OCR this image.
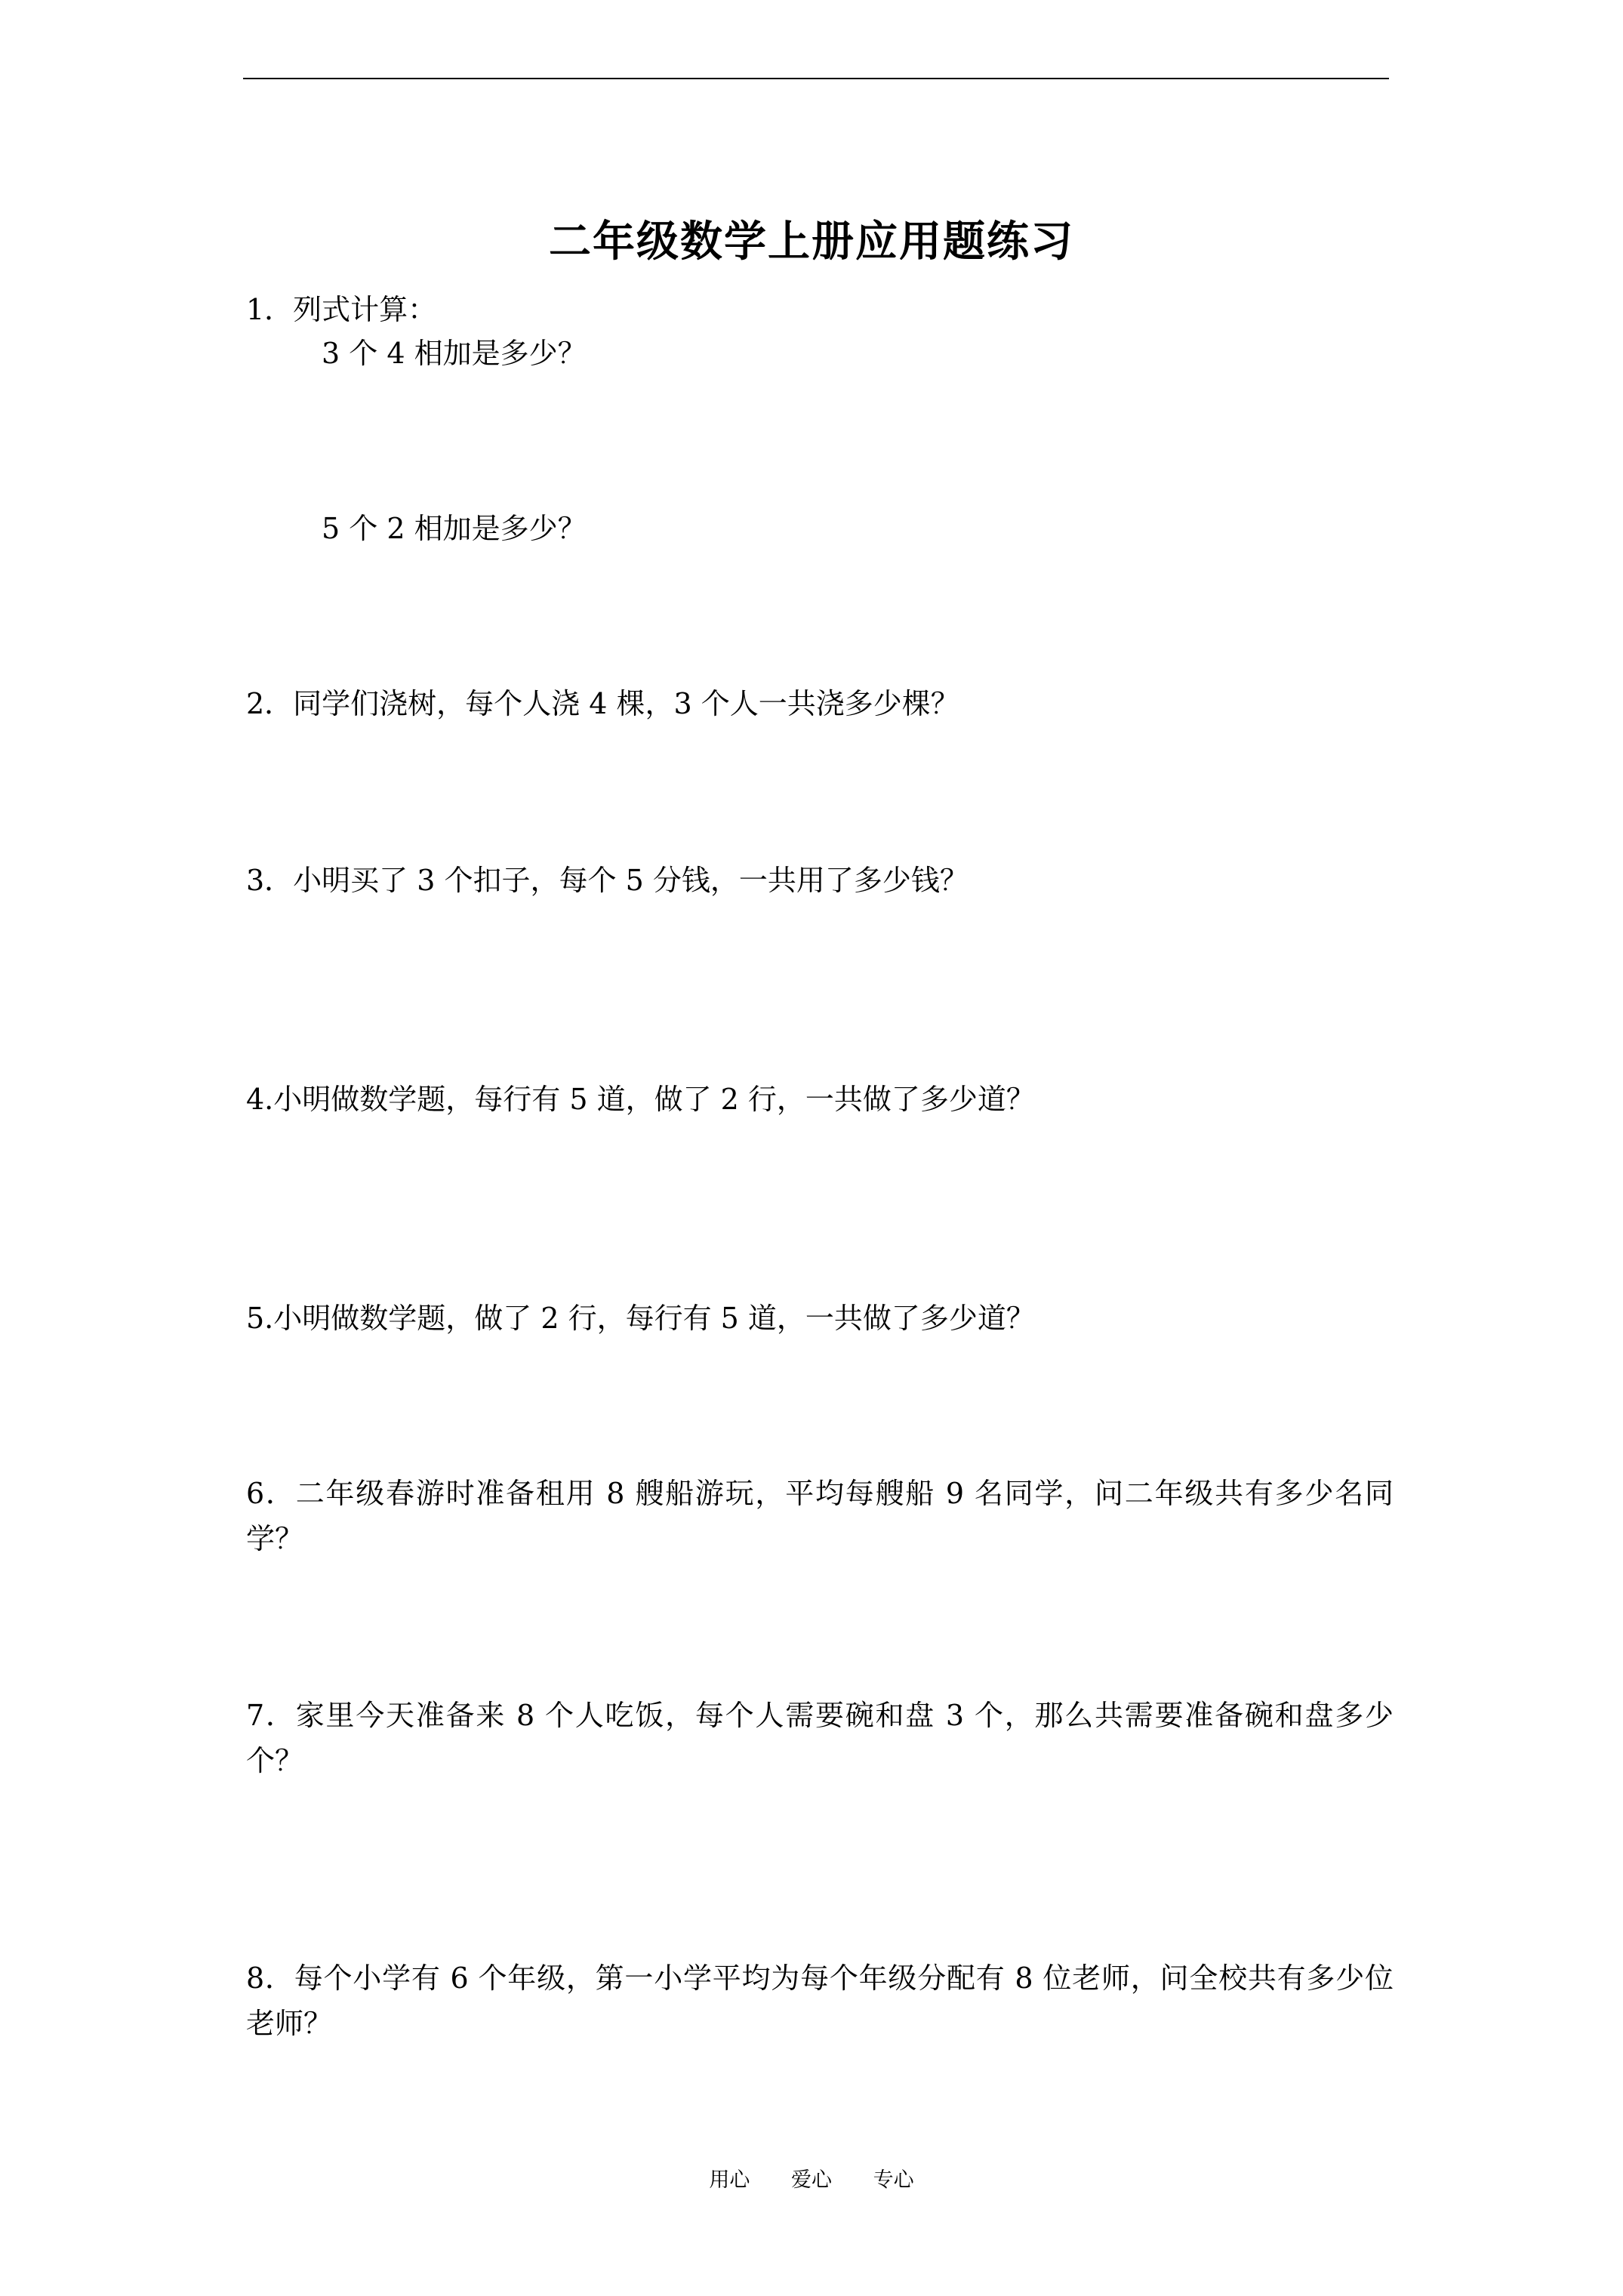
二年级数学上册应用题练习
1．列式计算：
3 个 4 相加是多少？
5 个 2 相加是多少？
2．同学们浇树，每个人浇 4 棵，3 个人一共浇多少棵？
3．小明买了 3 个扣子，每个 5 分钱，一共用了多少钱？
4.小明做数学题，每行有 5 道，做了 2 行，一共做了多少道？
5.小明做数学题，做了 2 行，每行有 5 道，一共做了多少道？
6．二年级春游时准备租用 8 艘船游玩，平均每艘船 9 名同学，问二年级共有多少名同学？
7．家里今天准备来 8 个人吃饭，每个人需要碗和盘 3 个，那么共需要准备碗和盘多少个？
8．每个小学有 6 个年级，第一小学平均为每个年级分配有 8 位老师，问全校共有多少位老师？
用心 爱心 专心
